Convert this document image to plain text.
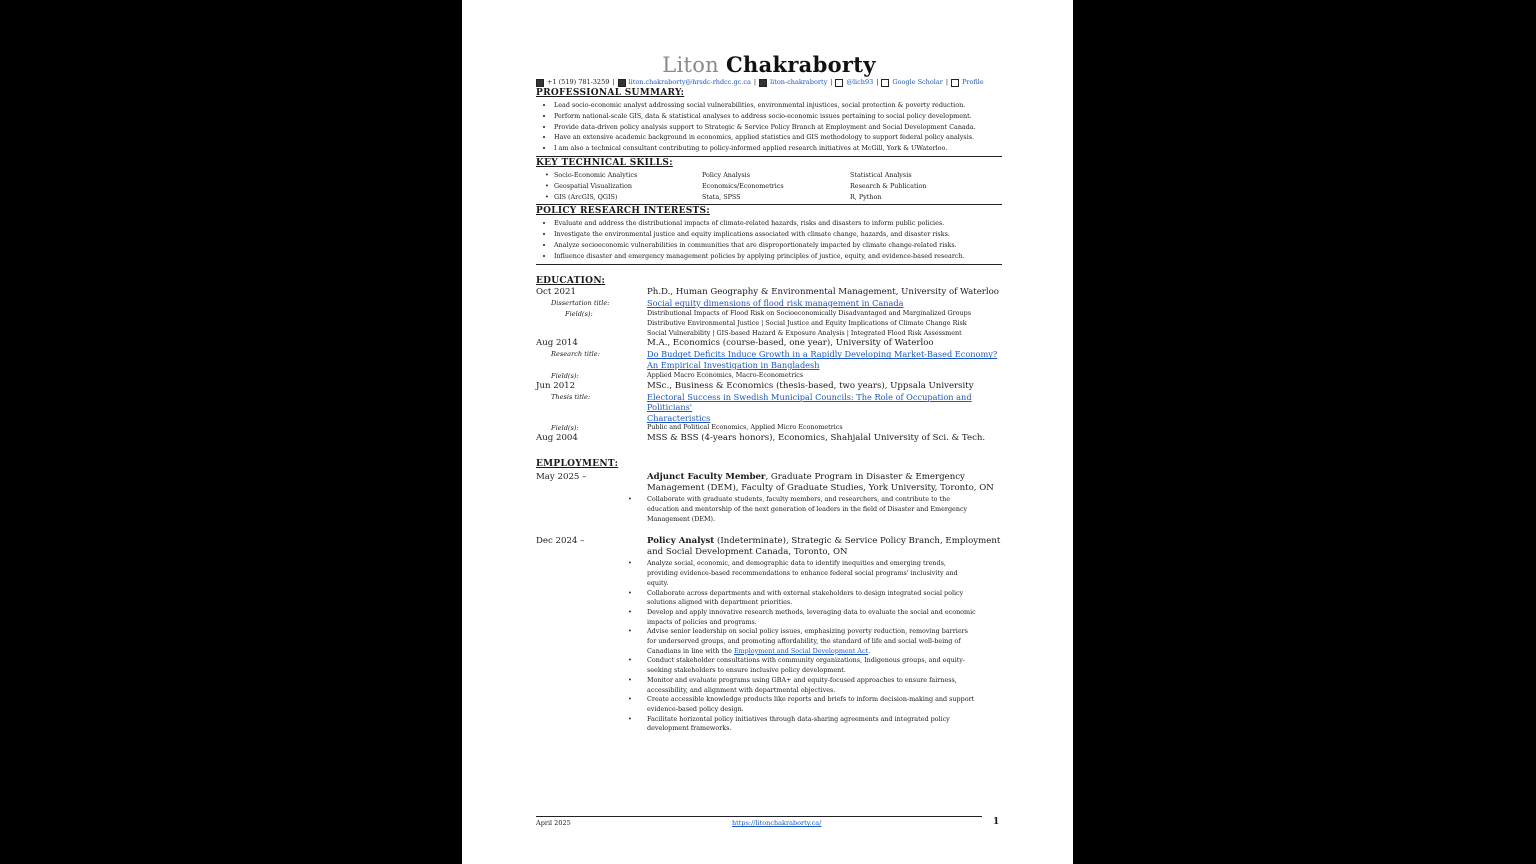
Liton Chakraborty
+1 (519) 781-3259 | liton.chakraborty@hrsdc-rhdcc.gc.ca | liton-chakraborty | @lich93 | Google Scholar | Profile
PROFESSIONAL SUMMARY:
• Lead socio-economic analyst addressing social vulnerabilities, environmental injustices, social protection & poverty reduction.
• Perform national-scale GIS, data & statistical analyses to address socio-economic issues pertaining to social policy development.
• Provide data-driven policy analysis support to Strategic & Service Policy Branch at Employment and Social Development Canada.
• Have an extensive academic background in economics, applied statistics and GIS methodology to support federal policy analysis.
• I am also a technical consultant contributing to policy-informed applied research initiatives at McGill, York & UWaterloo.
KEY TECHNICAL SKILLS:
• Socio-Economic Analytics	Policy Analysis	Statistical Analysis
• Geospatial Visualization	Economics/Econometrics	Research & Publication
• GIS (ArcGIS, QGIS)	Stata, SPSS	R, Python
POLICY RESEARCH INTERESTS:
• Evaluate and address the distributional impacts of climate-related hazards, risks and disasters to inform public policies.
• Investigate the environmental justice and equity implications associated with climate change, hazards, and disaster risks.
• Analyze socioeconomic vulnerabilities in communities that are disproportionately impacted by climate change-related risks.
• Influence disaster and emergency management policies by applying principles of justice, equity, and evidence-based research.
EDUCATION:
Oct 2021	Ph.D., Human Geography & Environmental Management, University of Waterloo
Dissertation title:	Social equity dimensions of flood risk management in Canada
Field(s):	Distributional Impacts of Flood Risk on Socioeconomically Disadvantaged and Marginalized Groups
Distributive Environmental Justice | Social Justice and Equity Implications of Climate Change Risk
Social Vulnerability | GIS-based Hazard & Exposure Analysis | Integrated Flood Risk Assessment
Aug 2014	M.A., Economics (course-based, one year), University of Waterloo
Research title:	Do Budget Deficits Induce Growth in a Rapidly Developing Market-Based Economy?
An Empirical Investigation in Bangladesh
Field(s):	Applied Macro Economics, Macro-Econometrics
Jun 2012	MSc., Business & Economics (thesis-based, two years), Uppsala University
Thesis title:	Electoral Success in Swedish Municipal Councils: The Role of Occupation and Politicians'
Characteristics
Field(s):	Public and Political Economics, Applied Micro Econometrics
Aug 2004	MSS & BSS (4-years honors), Economics, Shahjalal University of Sci. & Tech.
EMPLOYMENT:
May 2025 –	Adjunct Faculty Member, Graduate Program in Disaster & Emergency
Management (DEM), Faculty of Graduate Studies, York University, Toronto, ON
• Collaborate with graduate students, faculty members, and researchers, and contribute to the
education and mentorship of the next generation of leaders in the field of Disaster and Emergency
Management (DEM).
Dec 2024 –	Policy Analyst (Indeterminate), Strategic & Service Policy Branch, Employment
and Social Development Canada, Toronto, ON
• Analyze social, economic, and demographic data to identify inequities and emerging trends,
providing evidence-based recommendations to enhance federal social programs' inclusivity and
equity.
• Collaborate across departments and with external stakeholders to design integrated social policy
solutions aligned with department priorities.
• Develop and apply innovative research methods, leveraging data to evaluate the social and economic
impacts of policies and programs.
• Advise senior leadership on social policy issues, emphasizing poverty reduction, removing barriers
for underserved groups, and promoting affordability, the standard of life and social well-being of
Canadians in line with the Employment and Social Development Act.
• Conduct stakeholder consultations with community organizations, Indigenous groups, and equity-
seeking stakeholders to ensure inclusive policy development.
• Monitor and evaluate programs using GBA+ and equity-focused approaches to ensure fairness,
accessibility, and alignment with departmental objectives.
• Create accessible knowledge products like reports and briefs to inform decision-making and support
evidence-based policy design.
• Facilitate horizontal policy initiatives through data-sharing agreements and integrated policy
development frameworks.
April 2025	https://litonchakraborty.ca/	1
